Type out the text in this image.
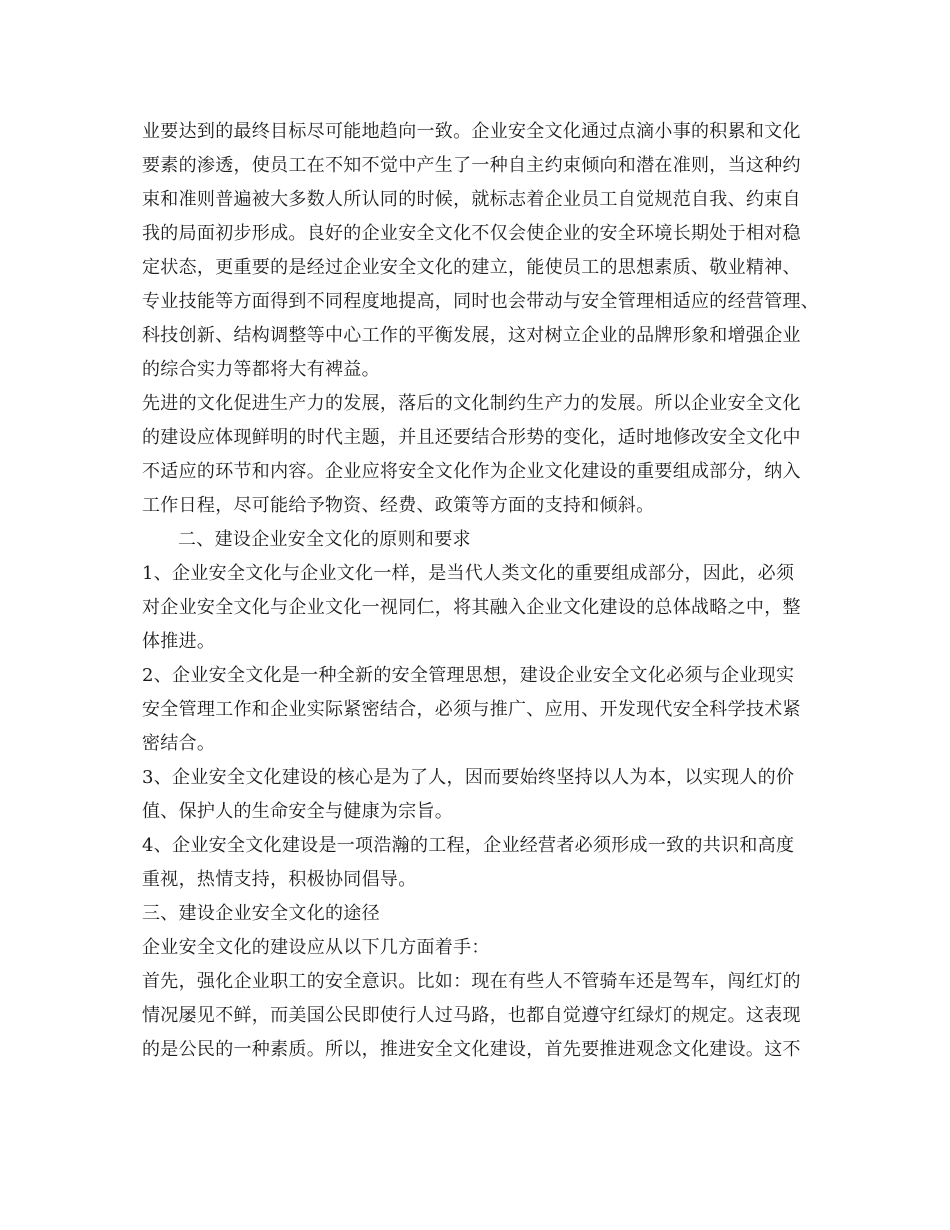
业要达到的最终目标尽可能地趋向一致。企业安全文化通过点滴小事的积累和文化
要素的渗透，使员工在不知不觉中产生了一种自主约束倾向和潜在准则，当这种约
束和准则普遍被大多数人所认同的时候，就标志着企业员工自觉规范自我、约束自
我的局面初步形成。良好的企业安全文化不仅会使企业的安全环境长期处于相对稳
定状态，更重要的是经过企业安全文化的建立，能使员工的思想素质、敬业精神、
专业技能等方面得到不同程度地提高，同时也会带动与安全管理相适应的经营管理、
科技创新、结构调整等中心工作的平衡发展，这对树立企业的品牌形象和增强企业
的综合实力等都将大有裨益。
先进的文化促进生产力的发展，落后的文化制约生产力的发展。所以企业安全文化
的建设应体现鲜明的时代主题，并且还要结合形势的变化，适时地修改安全文化中
不适应的环节和内容。企业应将安全文化作为企业文化建设的重要组成部分，纳入
工作日程，尽可能给予物资、经费、政策等方面的支持和倾斜。
二、建设企业安全文化的原则和要求
1、企业安全文化与企业文化一样，是当代人类文化的重要组成部分，因此，必须
对企业安全文化与企业文化一视同仁，将其融入企业文化建设的总体战略之中，整
体推进。
2、企业安全文化是一种全新的安全管理思想，建设企业安全文化必须与企业现实
安全管理工作和企业实际紧密结合，必须与推广、应用、开发现代安全科学技术紧
密结合。
3、企业安全文化建设的核心是为了人，因而要始终坚持以人为本，以实现人的价
值、保护人的生命安全与健康为宗旨。
4、企业安全文化建设是一项浩瀚的工程，企业经营者必须形成一致的共识和高度
重视，热情支持，积极协同倡导。
三、建设企业安全文化的途径
企业安全文化的建设应从以下几方面着手：
首先，强化企业职工的安全意识。比如：现在有些人不管骑车还是驾车，闯红灯的
情况屡见不鲜，而美国公民即使行人过马路，也都自觉遵守红绿灯的规定。这表现
的是公民的一种素质。所以，推进安全文化建设，首先要推进观念文化建设。这不
